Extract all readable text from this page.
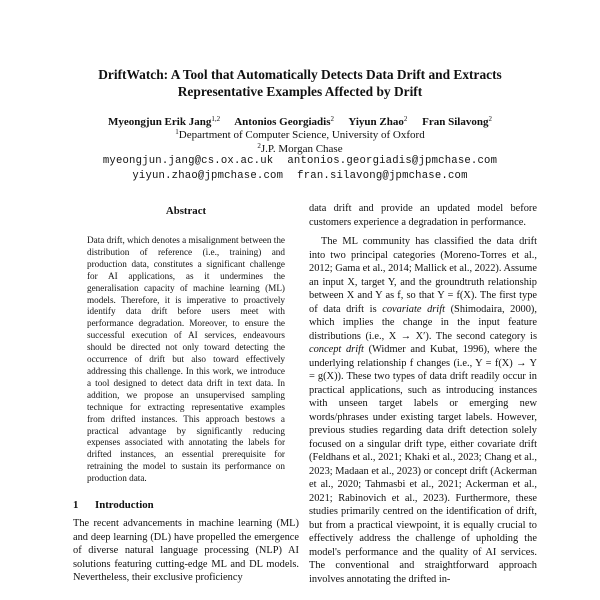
DriftWatch: A Tool that Automatically Detects Data Drift and Extracts Representative Examples Affected by Drift
Myeongjun Erik Jang$^{1,2}$ Antonios Georgiadis$^2$ Yiyun Zhao$^2$ Fran Silavong$^2$
$^1$Department of Computer Science, University of Oxford
$^2$J.P. Morgan Chase
myeongjun.jang@cs.ox.ac.uk antonios.georgiadis@jpmchase.com
yiyun.zhao@jpmchase.com fran.silavong@jpmchase.com
Abstract
Data drift, which denotes a misalignment between the distribution of reference (i.e., training) and production data, constitutes a significant challenge for AI applications, as it undermines the generalisation capacity of machine learning (ML) models. Therefore, it is imperative to proactively identify data drift before users meet with performance degradation. Moreover, to ensure the successful execution of AI services, endeavours should be directed not only toward detecting the occurrence of drift but also toward effectively addressing this challenge. In this work, we introduce a tool designed to detect data drift in text data. In addition, we propose an unsupervised sampling technique for extracting representative examples from drifted instances. This approach bestows a practical advantage by significantly reducing expenses associated with annotating the labels for drifted instances, an essential prerequisite for retraining the model to sustain its performance on production data.
1 Introduction

The recent advancements in machine learning (ML) and deep learning (DL) have propelled the emergence of diverse natural language processing (NLP) AI solutions featuring cutting-edge ML and DL models. Nevertheless, their exclusive proficiency

data drift and provide an updated model before customers experience a degradation in performance.

The ML community has classified the data drift into two principal categories (Moreno-Torres et al., 2012; Gama et al., 2014; Mallick et al., 2022). Assume an input X, target Y, and the groundtruth relationship between X and Y as f, so that Y = f(X). The first type of data drift is covariate drift (Shimodaira, 2000), which implies the change in the input feature distributions (i.e., X → X′). The second category is concept drift (Widmer and Kubat, 1996), where the underlying relationship f changes (i.e., Y = f(X) → Y = g(X)). These two types of data drift readily occur in practical applications, such as introducing instances with unseen target labels or emerging new words/phrases under existing target labels. However, previous studies regarding data drift detection solely focused on a singular drift type, either covariate drift (Feldhans et al., 2021; Khaki et al., 2023; Chang et al., 2023; Madaan et al., 2023) or concept drift (Ackerman et al., 2020; Tahmasbi et al., 2021; Ackerman et al., 2021; Rabinovich et al., 2023). Furthermore, these studies primarily centred on the identification of drift, but from a practical viewpoint, it is equally crucial to effectively address the challenge of upholding the model's performance and the quality of AI services. The conventional and straightforward approach involves annotating the drifted in-
